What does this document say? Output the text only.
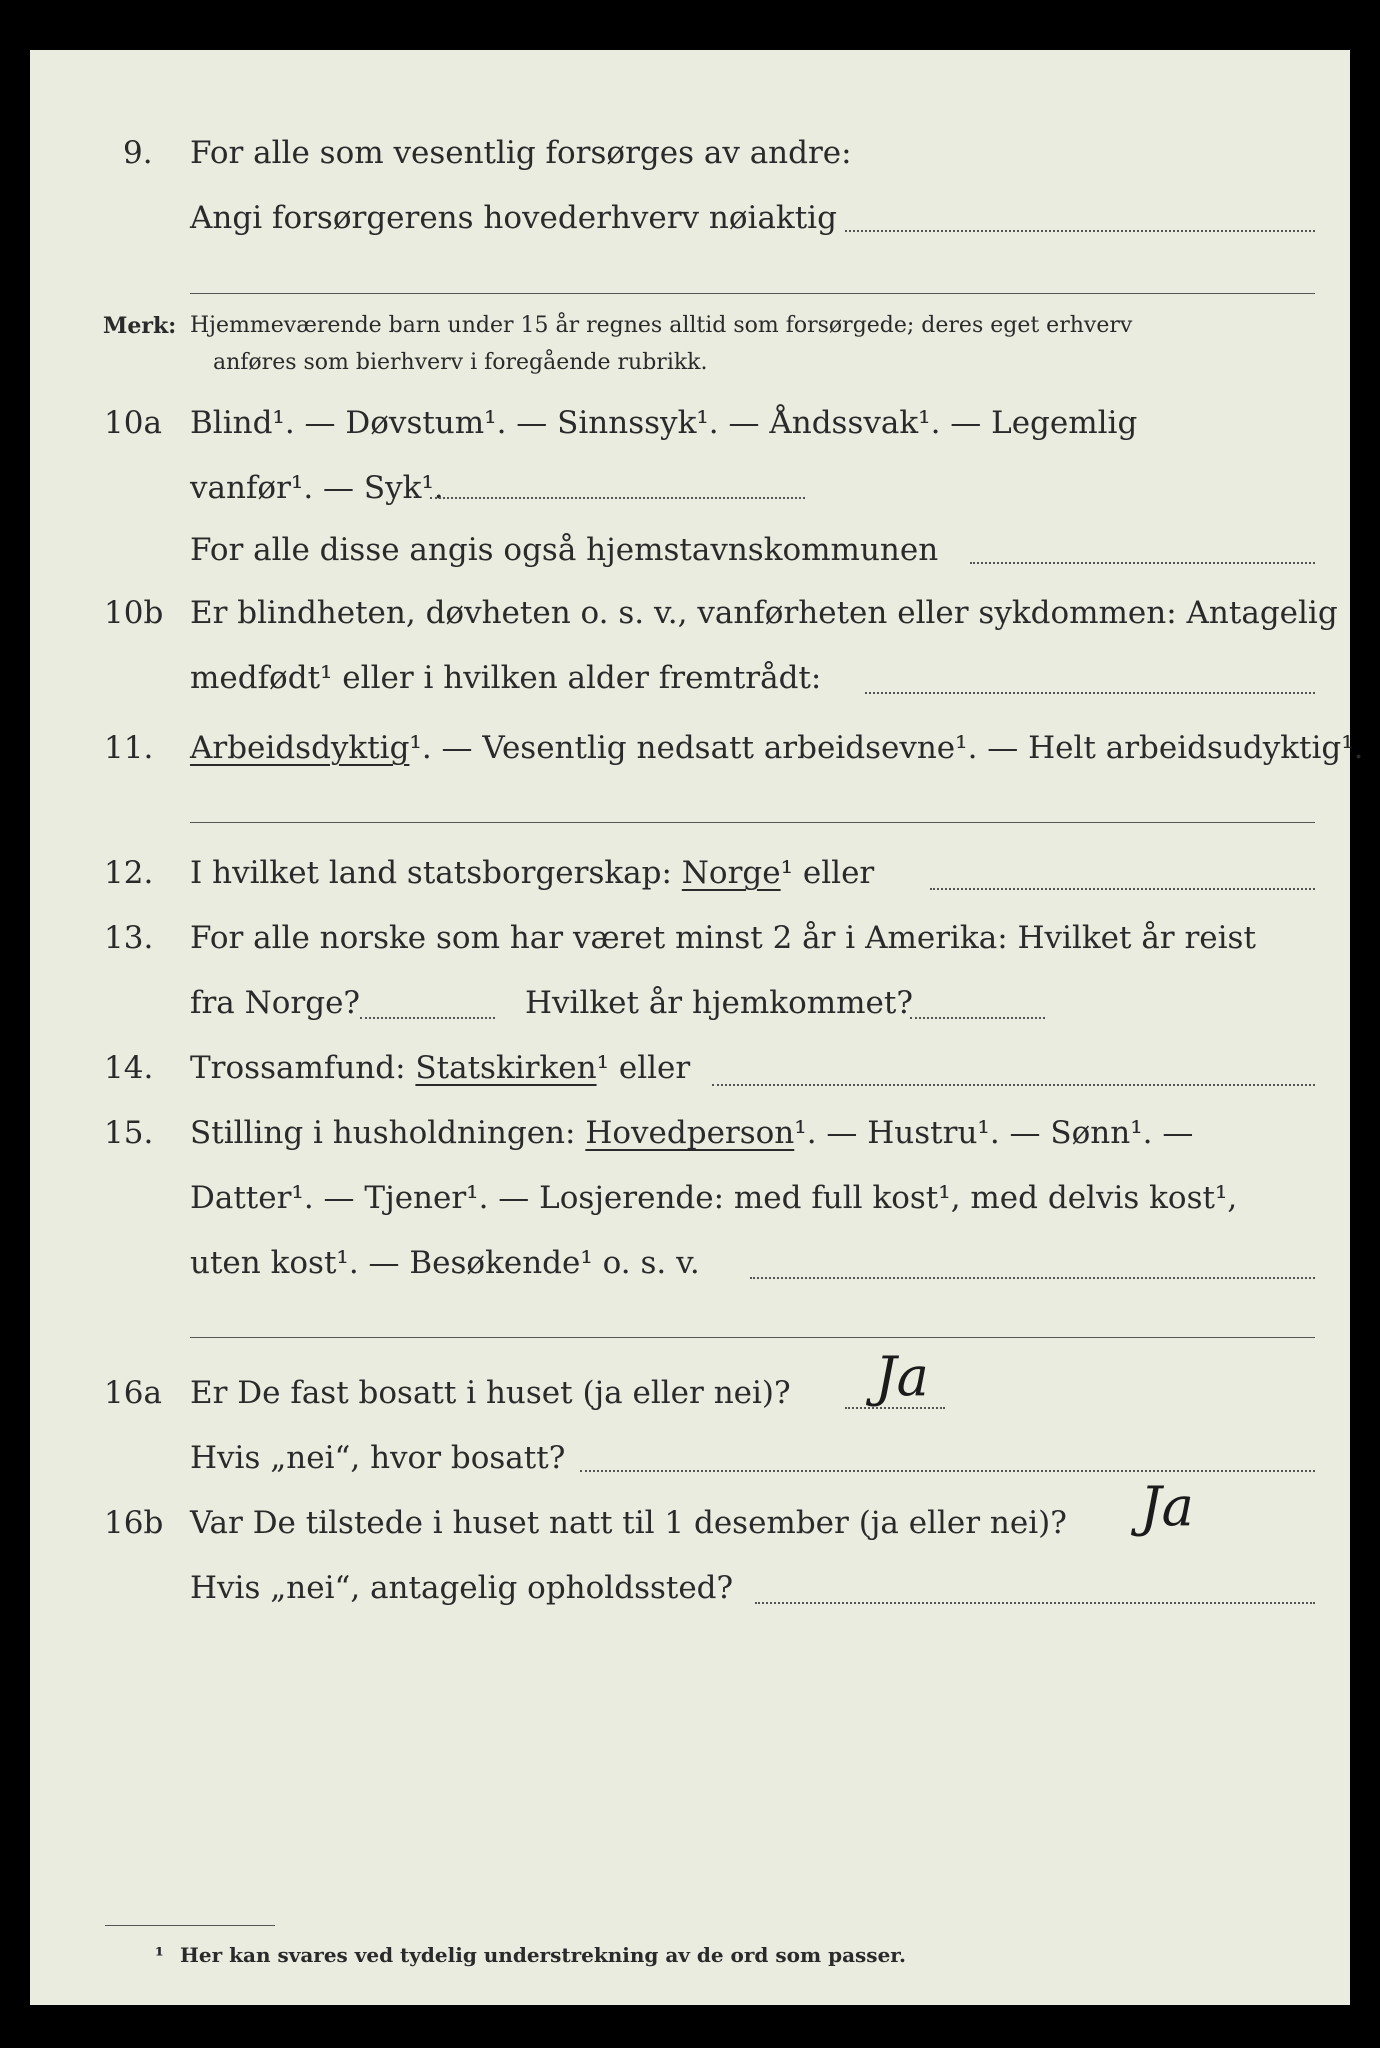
9.	For alle som vesentlig forsørges av andre:
Angi forsørgerens hovederhverv nøiaktig
Merk: Hjemmeværende barn under 15 år regnes alltid som forsørgede; deres eget erhverv
anføres som bierhverv i foregående rubrikk.
10a Blind¹. — Døvstum¹. — Sinnssyk¹. — Åndssvak¹. — Legemlig
vanfør¹. — Syk¹.
For alle disse angis også hjemstavnskommunen
10b Er blindheten, døvheten o. s. v., vanførheten eller sykdommen: Antagelig
medfødt¹ eller i hvilken alder fremtrådt:
11.	Arbeidsdyktig¹. — Vesentlig nedsatt arbeidsevne¹. — Helt arbeidsudyktig¹.
12.	I hvilket land statsborgerskap: Norge¹ eller
13.	For alle norske som har været minst 2 år i Amerika: Hvilket år reist
fra Norge?	Hvilket år hjemkommet?
14.	Trossamfund: Statskirken¹ eller
15.	Stilling i husholdningen: Hovedperson¹. — Hustru¹. — Sønn¹. —
Datter¹. — Tjener¹. — Losjerende: med full kost¹, med delvis kost¹,
uten kost¹. — Besøkende¹ o. s. v.
16a Er De fast bosatt i huset (ja eller nei)? Ja
Hvis „nei“, hvor bosatt?
16b Var De tilstede i huset natt til 1 desember (ja eller nei)? Ja
Hvis „nei“, antagelig opholdssted?
¹ Her kan svares ved tydelig understrekning av de ord som passer.
